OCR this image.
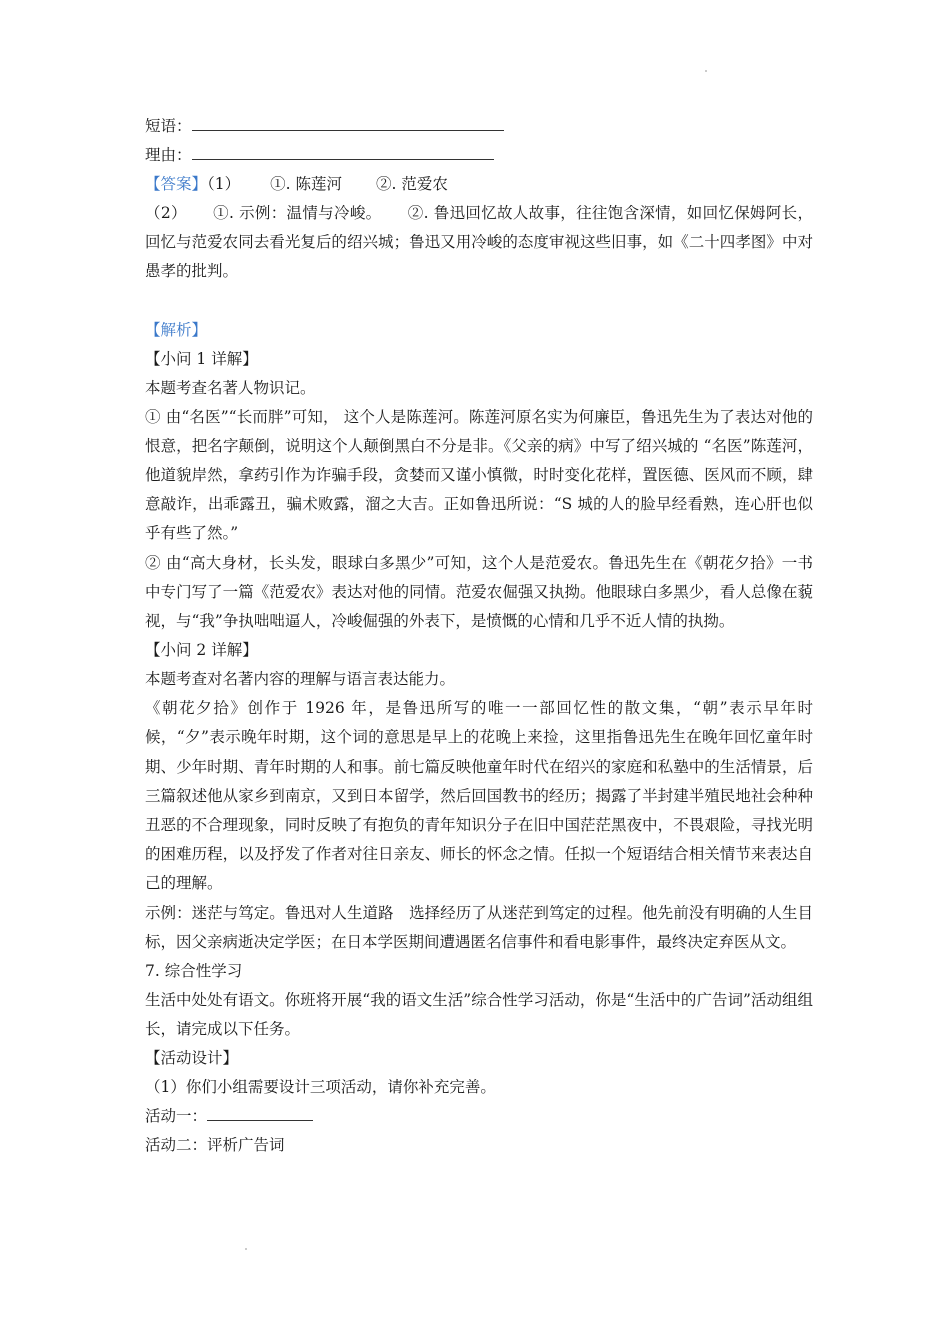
短语：

理由：

【答案】（1） ①. 陈莲河 ②. 范爱农

（2） ①. 示例：温情与冷峻。 ②. 鲁迅回忆故人故事，往往饱含深情，如回忆保姆阿长，回忆与范爱农同去看光复后的绍兴城；鲁迅又用冷峻的态度审视这些旧事，如《二十四孝图》中对愚孝的批判。

【解析】

【小问 1 详解】

本题考查名著人物识记。

① 由“名医”“长而胖”可知， 这个人是陈莲河。陈莲河原名实为何廉臣，鲁迅先生为了表达对他的恨意，把名字颠倒，说明这个人颠倒黑白不分是非。《父亲的病》中写了绍兴城的 “名医”陈莲河，他道貌岸然，拿药引作为诈骗手段，贪婪而又谨小慎微，时时变化花样，置医德、医风而不顾，肆意敲诈，出乖露丑，骗术败露，溜之大吉。正如鲁迅所说：“S 城的人的脸早经看熟，连心肝也似乎有些了然。”

② 由“高大身材，长头发，眼球白多黑少”可知，这个人是范爱农。鲁迅先生在《朝花夕拾》一书中专门写了一篇《范爱农》表达对他的同情。范爱农倔强又执拗。他眼球白多黑少，看人总像在藐视，与“我”争执咄咄逼人，冷峻倔强的外表下，是愤慨的心情和几乎不近人情的执拗。

【小问 2 详解】

本题考查对名著内容的理解与语言表达能力。

《朝花夕拾》创作于 1926 年，是鲁迅所写的唯一一部回忆性的散文集，“朝”表示早年时候，“夕”表示晚年时期，这个词的意思是早上的花晚上来捡，这里指鲁迅先生在晚年回忆童年时期、少年时期、青年时期的人和事。前七篇反映他童年时代在绍兴的家庭和私塾中的生活情景，后三篇叙述他从家乡到南京，又到日本留学，然后回国教书的经历；揭露了半封建半殖民地社会种种丑恶的不合理现象，同时反映了有抱负的青年知识分子在旧中国茫茫黑夜中，不畏艰险，寻找光明的困难历程，以及抒发了作者对往日亲友、师长的怀念之情。任拟一个短语结合相关情节来表达自己的理解。

示例：迷茫与笃定。鲁迅对人生道路　选择经历了从迷茫到笃定的过程。他先前没有明确的人生目标，因父亲病逝决定学医；在日本学医期间遭遇匿名信事件和看电影事件，最终决定弃医从文。

7. 综合性学习

生活中处处有语文。你班将开展“我的语文生活”综合性学习活动，你是“生活中的广告词”活动组组长，请完成以下任务。

【活动设计】

（1）你们小组需要设计三项活动，请你补充完善。

活动一：

活动二：评析广告词
